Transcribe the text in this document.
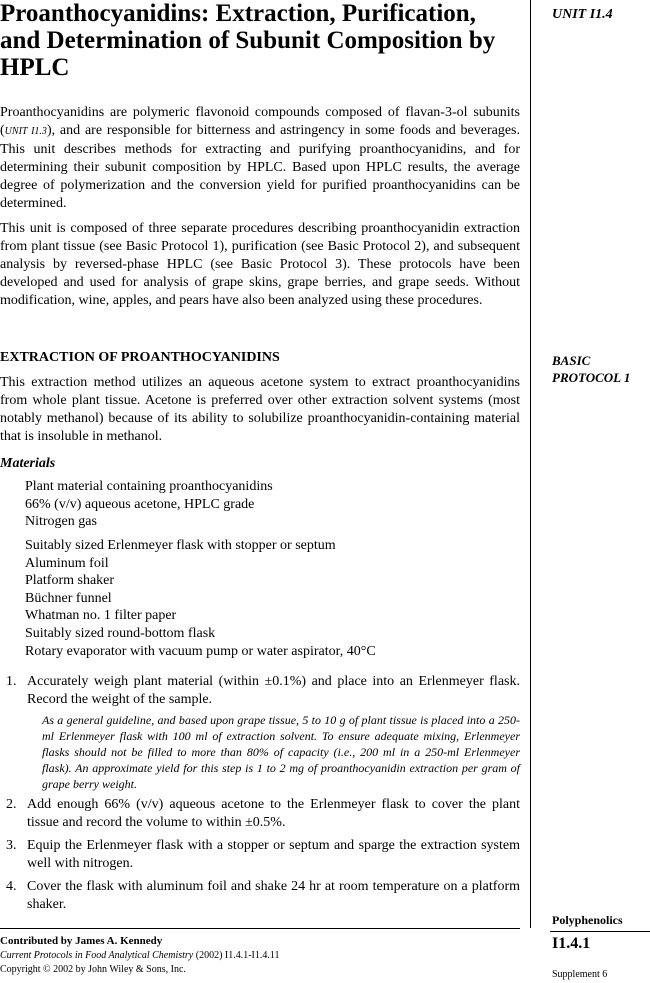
Proanthocyanidins: Extraction, Purification, and Determination of Subunit Composition by HPLC
UNIT I1.4
BASIC PROTOCOL 1
Polyphenolics
I1.4.1
Supplement 6

Proanthocyanidins are polymeric flavonoid compounds composed of flavan-3-ol subunits (UNIT I1.3), and are responsible for bitterness and astringency in some foods and beverages. This unit describes methods for extracting and purifying proanthocyanidins, and for determining their subunit composition by HPLC. Based upon HPLC results, the average degree of polymerization and the conversion yield for purified proanthocyanidins can be determined.

This unit is composed of three separate procedures describing proanthocyanidin extraction from plant tissue (see Basic Protocol 1), purification (see Basic Protocol 2), and subsequent analysis by reversed-phase HPLC (see Basic Protocol 3). These protocols have been developed and used for analysis of grape skins, grape berries, and grape seeds. Without modification, wine, apples, and pears have also been analyzed using these procedures.

EXTRACTION OF PROANTHOCYANIDINS

This extraction method utilizes an aqueous acetone system to extract proanthocyanidins from whole plant tissue. Acetone is preferred over other extraction solvent systems (most notably methanol) because of its ability to solubilize proanthocyanidin-containing material that is insoluble in methanol.

Materials
Plant material containing proanthocyanidins
66% (v/v) aqueous acetone, HPLC grade
Nitrogen gas
Suitably sized Erlenmeyer flask with stopper or septum
Aluminum foil
Platform shaker
Büchner funnel
Whatman no. 1 filter paper
Suitably sized round-bottom flask
Rotary evaporator with vacuum pump or water aspirator, 40°C
1. Accurately weigh plant material (within ±0.1%) and place into an Erlenmeyer flask. Record the weight of the sample.

As a general guideline, and based upon grape tissue, 5 to 10 g of plant tissue is placed into a 250-ml Erlenmeyer flask with 100 ml of extraction solvent. To ensure adequate mixing, Erlenmeyer flasks should not be filled to more than 80% of capacity (i.e., 200 ml in a 250-ml Erlenmeyer flask). An approximate yield for this step is 1 to 2 mg of proanthocyanidin extraction per gram of grape berry weight.

2. Add enough 66% (v/v) aqueous acetone to the Erlenmeyer flask to cover the plant tissue and record the volume to within ±0.5%.
3. Equip the Erlenmeyer flask with a stopper or septum and sparge the extraction system well with nitrogen.
4. Cover the flask with aluminum foil and shake 24 hr at room temperature on a platform shaker.
Contributed by James A. Kennedy
Current Protocols in Food Analytical Chemistry (2002) I1.4.1-I1.4.11
Copyright © 2002 by John Wiley & Sons, Inc.
